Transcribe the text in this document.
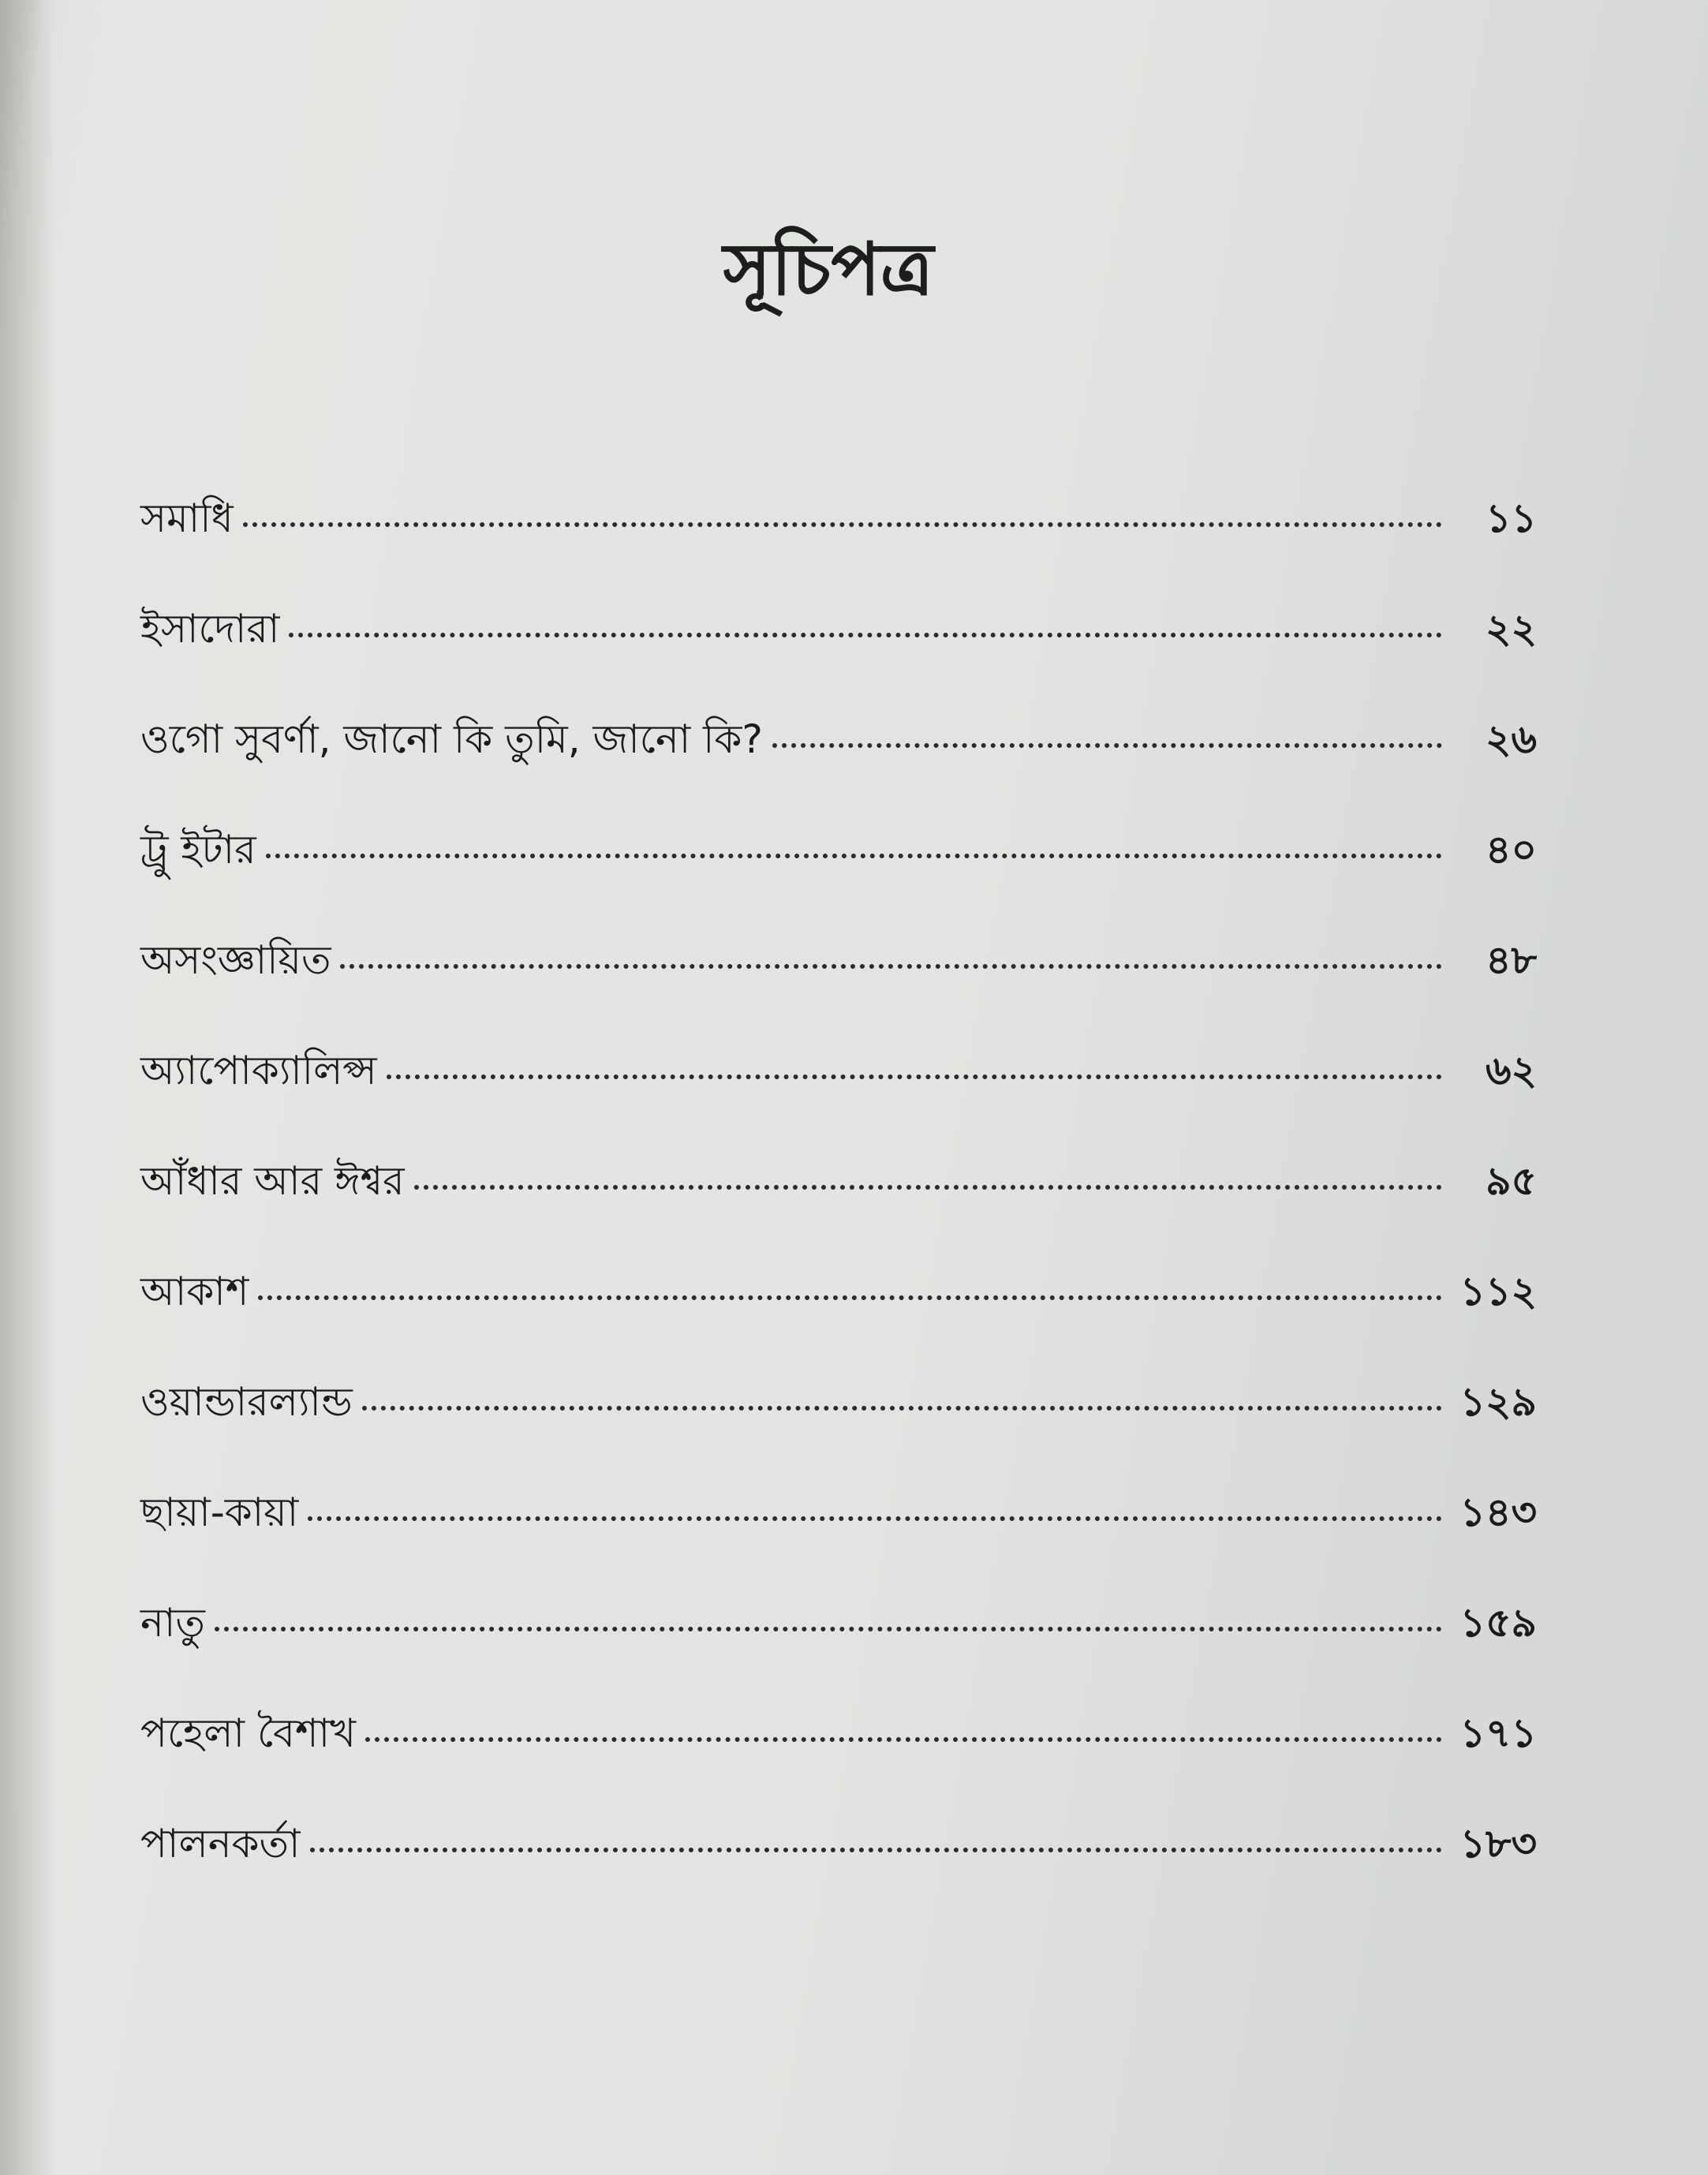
সূচিপত্র
সমাধি	১১
ইসাদোরা	২২
ওগো সুবর্ণা, জানো কি তুমি, জানো কি?	২৬
ট্রু ইটার	৪০
অসংজ্ঞায়িত	৪৮
অ্যাপোক্যালিপ্স	৬২
আঁধার আর ঈশ্বর	৯৫
আকাশ	১১২
ওয়ান্ডারল্যান্ড	১২৯
ছায়া-কায়া	১৪৩
নাতু	১৫৯
পহেলা বৈশাখ	১৭১
পালনকর্তা	১৮৩
